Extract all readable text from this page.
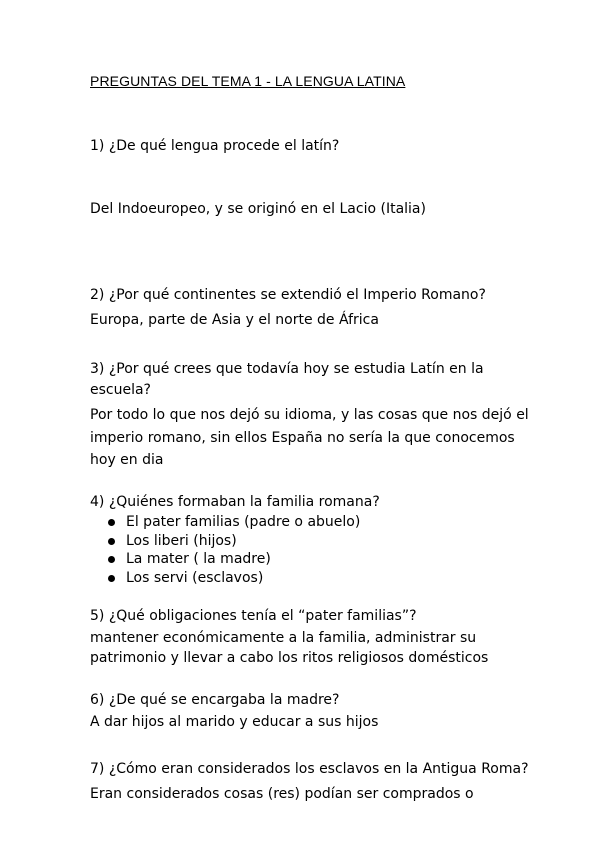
PREGUNTAS DEL TEMA 1 - LA LENGUA LATINA
1) ¿De qué lengua procede el latín?
Del Indoeuropeo, y se originó en el Lacio (Italia)
2) ¿Por qué continentes se extendió el Imperio Romano?
Europa, parte de Asia y el norte de África
3) ¿Por qué crees que todavía hoy se estudia Latín en la
escuela?
Por todo lo que nos dejó su idioma, y las cosas que nos dejó el
imperio romano, sin ellos España no sería la que conocemos
hoy en dia
4) ¿Quiénes formaban la familia romana?
El pater familias (padre o abuelo)
Los liberi (hijos)
La mater ( la madre)
Los servi (esclavos)
5) ¿Qué obligaciones tenía el “pater familias”?
mantener económicamente a la familia, administrar su
patrimonio y llevar a cabo los ritos religiosos domésticos
6) ¿De qué se encargaba la madre?
A dar hijos al marido y educar a sus hijos
7) ¿Cómo eran considerados los esclavos en la Antigua Roma?
Eran considerados cosas (res) podían ser comprados o
